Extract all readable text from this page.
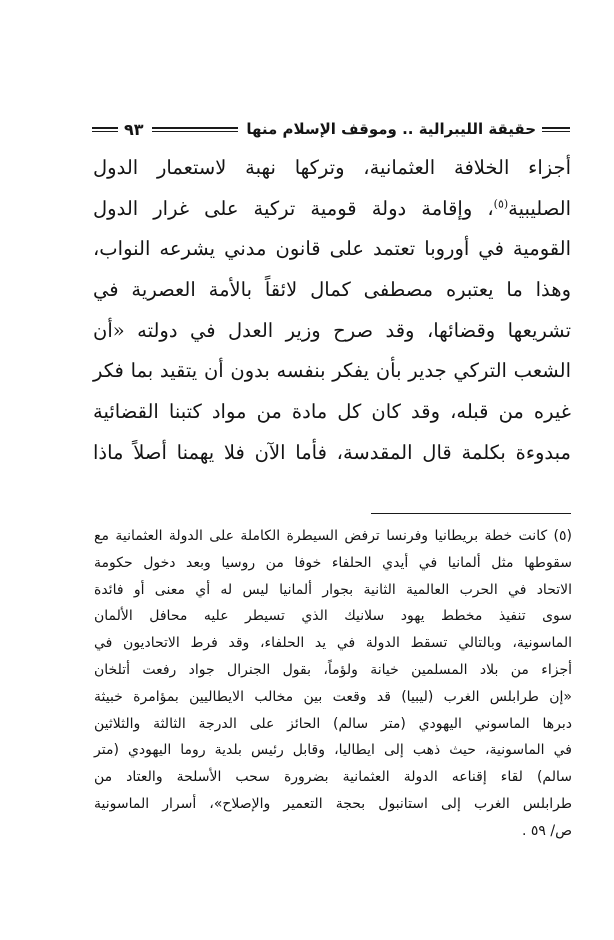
حقيقة الليبرالية .. وموقف الإسلام منها
٩٣
أجزاء الخلافة العثمانية، وتركها نهبة لاستعمار الدول
الصليبية$^{(٥)}$، وإقامة دولة قومية تركية على غرار الدول
القومية في أوروبا تعتمد على قانون مدني يشرعه النواب،
وهذا ما يعتبره مصطفى كمال لائقاً بالأمة العصرية في
تشريعها وقضائها، وقد صرح وزير العدل في دولته «أن
الشعب التركي جدير بأن يفكر بنفسه بدون أن يتقيد بما فكر
غيره من قبله، وقد كان كل مادة من مواد كتبنا القضائية
مبدوءة بكلمة قال المقدسة، فأما الآن فلا يهمنا أصلاً ماذا
(٥) كانت خطة بريطانيا وفرنسا ترفض السيطرة الكاملة على الدولة العثمانية مع
سقوطها مثل ألمانيا في أيدي الحلفاء خوفا من روسيا وبعد دخول حكومة
الاتحاد في الحرب العالمية الثانية بجوار ألمانيا ليس له أي معنى أو فائدة
سوى تنفيذ مخطط يهود سلانيك الذي تسيطر عليه محافل الألمان
الماسونية، وبالتالي تسقط الدولة في يد الحلفاء، وقد فرط الاتحاديون في
أجزاء من بلاد المسلمين خيانة ولؤماً، بقول الجنرال جواد رفعت أتلخان
«إن طرابلس الغرب (ليبيا) قد وقعت بين مخالب الايطاليين بمؤامرة خبيثة
دبرها الماسوني اليهودي (متر سالم) الحائز على الدرجة الثالثة والثلاثين
في الماسونية، حيث ذهب إلى ايطاليا، وقابل رئيس بلدية روما اليهودي (متر
سالم) لقاء إقناعه الدولة العثمانية بضرورة سحب الأسلحة والعتاد من
طرابلس الغرب إلى استانبول بحجة التعمير والإصلاح»، أسرار الماسونية
ص/ ٥٩ .
